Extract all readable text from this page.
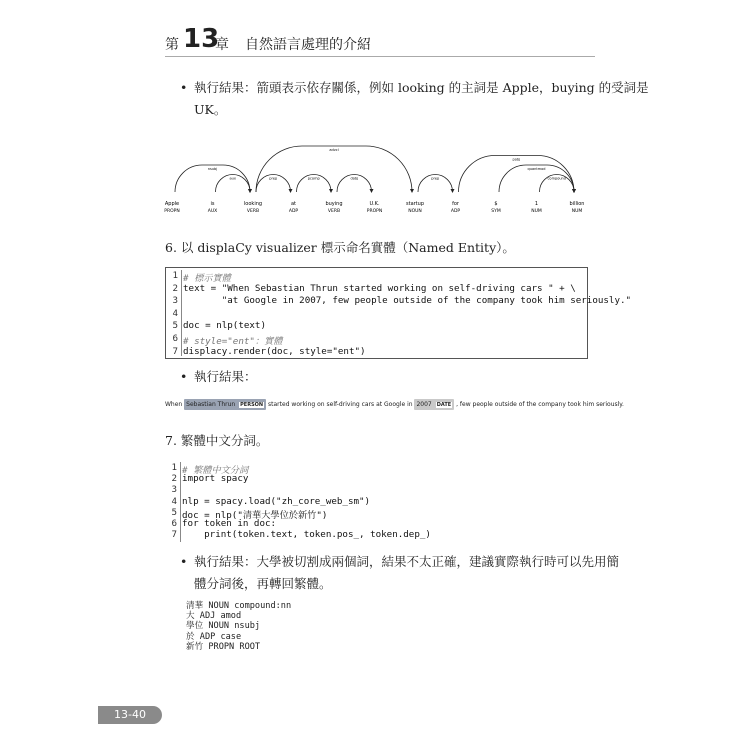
第 13
章 自然語言處理的介紹
• 執行結果：箭頭表示依存關係，例如 looking 的主詞是 Apple，buying 的受詞是
UK。
Apple
PROPN
is
AUX
looking
VERB
at
ADP
buying
VERB
U.K.
PROPN
startup
NOUN
for
ADP
$
SYM
1
NUM
billion
NUM
nsubj
aux	prep	pcomp	dobj
advcl
prep
quantmod
compound
pobj
6. 以 displaCy visualizer 標示命名實體（Named Entity）。
1 # 標示實體
2 text = "When Sebastian Thrun started working on self-driving cars " + \
3 "at Google in 2007, few people outside of the company took him seriously."
4
5 doc = nlp(text)
6 # style="ent"：實體
7 displacy.render(doc, style="ent")
• 執行結果：
When Sebastian Thrun PERSON started working on self-driving cars at Google in 2007 DATE , few people outside of the company took him seriously.
7. 繁體中文分詞。
1 # 繁體中文分詞
2 import spacy
3
4 nlp = spacy.load("zh_core_web_sm")
5 doc = nlp("清華大學位於新竹")
6 for token in doc:
7 print(token.text, token.pos_, token.dep_)
• 執行結果：大學被切割成兩個詞，結果不太正確，建議實際執行時可以先用簡
體分詞後，再轉回繁體。
清華 NOUN compound:nn
大 ADJ amod
學位 NOUN nsubj
於 ADP case
新竹 PROPN ROOT
13-40
